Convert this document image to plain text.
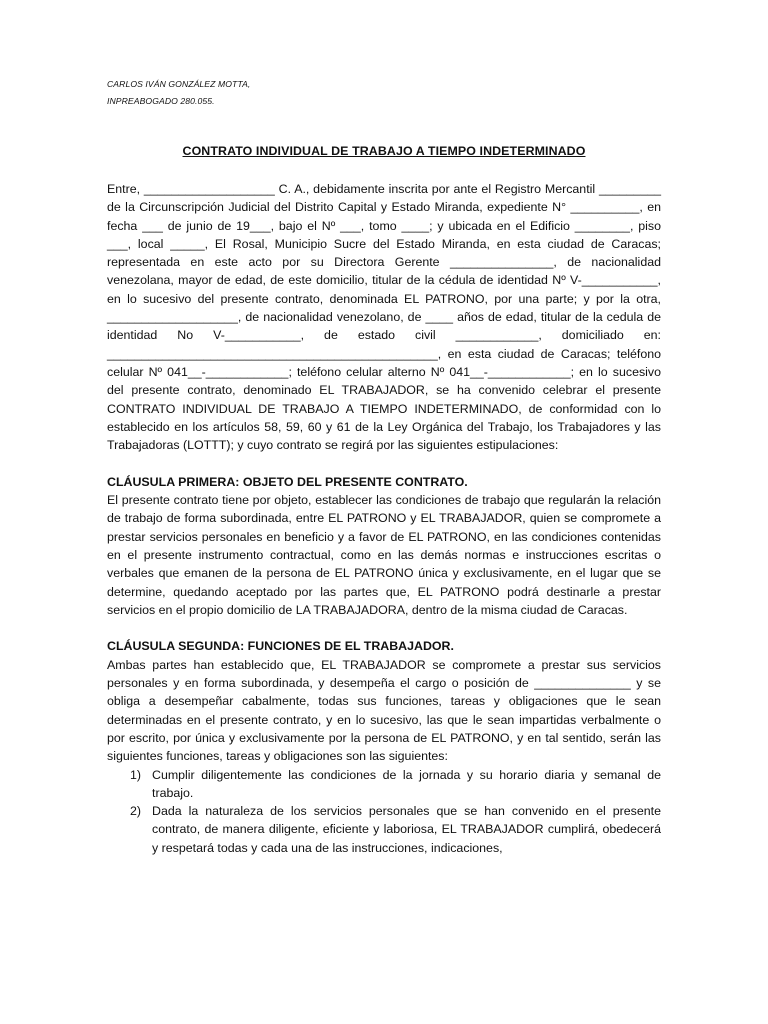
CARLOS IVÁN GONZÁLEZ MOTTA,
INPREABOGADO 280.055.
CONTRATO INDIVIDUAL DE TRABAJO A TIEMPO INDETERMINADO

Entre, ___________________ C. A., debidamente inscrita por ante el Registro Mercantil _________ de la Circunscripción Judicial del Distrito Capital y Estado Miranda, expediente N° __________, en fecha ___ de junio de 19___, bajo el Nº ___, tomo ____; y ubicada en el Edificio ________, piso ___, local _____, El Rosal, Municipio Sucre del Estado Miranda, en esta ciudad de Caracas; representada en este acto por su Directora Gerente _______________, de nacionalidad venezolana, mayor de edad, de este domicilio, titular de la cédula de identidad Nº V-___________, en lo sucesivo del presente contrato, denominada EL PATRONO, por una parte; y por la otra, ___________________, de nacionalidad venezolano, de ____ años de edad, titular de la cedula de identidad No V-___________, de estado civil ____________, domiciliado en: ________________________________________________, en esta ciudad de Caracas; teléfono celular Nº 041__-____________; teléfono celular alterno Nº 041__-____________; en lo sucesivo del presente contrato, denominado EL TRABAJADOR, se ha convenido celebrar el presente CONTRATO INDIVIDUAL DE TRABAJO A TIEMPO INDETERMINADO, de conformidad con lo establecido en los artículos 58, 59, 60 y 61 de la Ley Orgánica del Trabajo, los Trabajadores y las Trabajadoras (LOTTT); y cuyo contrato se regirá por las siguientes estipulaciones:

CLÁUSULA PRIMERA: OBJETO DEL PRESENTE CONTRATO.

El presente contrato tiene por objeto, establecer las condiciones de trabajo que regularán la relación de trabajo de forma subordinada, entre EL PATRONO y EL TRABAJADOR, quien se compromete a prestar servicios personales en beneficio y a favor de EL PATRONO, en las condiciones contenidas en el presente instrumento contractual, como en las demás normas e instrucciones escritas o verbales que emanen de la persona de EL PATRONO única y exclusivamente, en el lugar que se determine, quedando aceptado por las partes que, EL PATRONO podrá destinarle a prestar servicios en el propio domicilio de LA TRABAJADORA, dentro de la misma ciudad de Caracas.

CLÁUSULA SEGUNDA: FUNCIONES DE EL TRABAJADOR.

Ambas partes han establecido que, EL TRABAJADOR se compromete a prestar sus servicios personales y en forma subordinada, y desempeña el cargo o posición de ______________ y se obliga a desempeñar cabalmente, todas sus funciones, tareas y obligaciones que le sean determinadas en el presente contrato, y en lo sucesivo, las que le sean impartidas verbalmente o por escrito, por única y exclusivamente por la persona de EL PATRONO, y en tal sentido, serán las siguientes funciones, tareas y obligaciones son las siguientes:

1) Cumplir diligentemente las condiciones de la jornada y su horario diaria y semanal de trabajo.
2) Dada la naturaleza de los servicios personales que se han convenido en el presente contrato, de manera diligente, eficiente y laboriosa, EL TRABAJADOR cumplirá, obedecerá y respetará todas y cada una de las instrucciones, indicaciones,
